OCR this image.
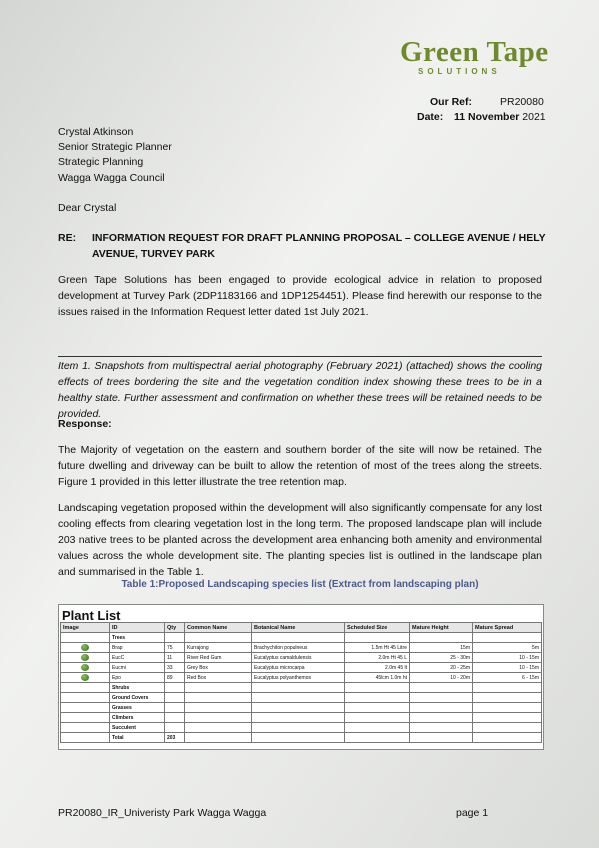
Green Tape
SOLUTIONS
Our Ref:	PR20080
Date: 11 November 2021
Crystal Atkinson
Senior Strategic Planner
Strategic Planning
Wagga Wagga Council
Dear Crystal
RE: INFORMATION REQUEST FOR DRAFT PLANNING PROPOSAL – COLLEGE AVENUE / HELY
AVENUE, TURVEY PARK
Green Tape Solutions has been engaged to provide ecological advice in relation to proposed development at Turvey Park (2DP1183166 and 1DP1254451). Please find herewith our response to the issues raised in the Information Request letter dated 1st July 2021.
Item 1. Snapshots from multispectral aerial photography (February 2021) (attached) shows the cooling effects of trees bordering the site and the vegetation condition index showing these trees to be in a healthy state. Further assessment and confirmation on whether these trees will be retained needs to be provided.
Response:
The Majority of vegetation on the eastern and southern border of the site will now be retained. The future dwelling and driveway can be built to allow the retention of most of the trees along the streets. Figure 1 provided in this letter illustrate the tree retention map.
Landscaping vegetation proposed within the development will also significantly compensate for any lost cooling effects from clearing vegetation lost in the long term. The proposed landscape plan will include 203 native trees to be planted across the development area enhancing both amenity and environmental values across the whole development site. The planting species list is outlined in the landscape plan and summarised in the Table 1.
Table 1:Proposed Landscaping species list (Extract from landscaping plan)
Plant List
Image	ID	Qty	Common Name	Botanical Name	Scheduled Size	Mature Height	Mature Spread
	Trees						
	Brap	75	Kurrajong	Brachychiton populneus	1.5m Ht 45 Litre	15m	5m
	EucC	11	River Red Gum	Eucalyptus camaldulensis	2.0m Ht 45 L	25 - 30m	10 - 15m
	Eucmi	33	Grey Box	Eucalyptus microcarpa	2.0m 45 lt	20 - 25m	10 - 15m
	Epo	89	Red Box	Eucalyptus polyanthemos	45lcm 1.0m ht	10 - 20m	6 - 15m
	Shrubs						
	Ground Covers						
	Grasses						
	Climbers						
	Succulent						
	Total	203					
PR20080_IR_Univeristy Park Wagga Wagga	page 1
